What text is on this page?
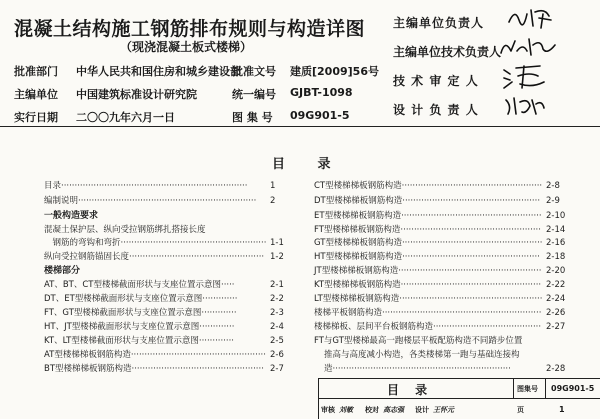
混凝土结构施工钢筋排布规则与构造详图
（现浇混凝土板式楼梯）
批准部门 中华人民共和国住房和城乡建设部
批准文号 建质[2009]56号
主编单位 中国建筑标准设计研究院	统一编号 GJBT-1098
实行日期 二〇〇九年六月一日	图 集 号 09G901-5
主编单位负责人
主编单位技术负责人
技 术 审 定 人
设 计 负 责 人
目 录
目录·····································································	1
编制说明·································································· 2
一般构造要求
混凝土保护层、纵向受拉钢筋绑扎搭接长度
　钢筋的弯钩和弯折······················································ 1-1
纵向受拉钢筋锚固长度·················································· 1-2
楼梯部分
AT、BT、CT型楼梯截面形状与支座位置示意图·····	2-1
DT、ET型楼梯截面形状与支座位置示意图·············	2-2
FT、GT型楼梯截面形状与支座位置示意图·············	2-3
HT、JT型楼梯截面形状与支座位置示意图·············	2-4
KT、LT型楼梯截面形状与支座位置示意图·············	2-5
AT型楼梯梯板钢筋构造·················································· 2-6
BT型楼梯梯板钢筋构造················································· 2-7
CT型楼梯梯板钢筋构造···················································· 2-8
DT型楼梯梯板钢筋构造··················································· 2-9
ET型楼梯梯板钢筋构造···················································· 2-10
FT型楼梯梯板钢筋构造···················································· 2-14
GT型楼梯梯板钢筋构造···················································· 2-16
HT型楼梯梯板钢筋构造··················································· 2-18
JT型楼梯梯板钢筋构造····················································· 2-20
KT型楼梯梯板钢筋构造···················································· 2-22
LT型楼梯梯板钢筋构造····················································· 2-24
楼梯平板钢筋构造··························································· 2-26
楼梯梯板、层间平台板钢筋构造········································ 2-27
FT与GT型楼梯最高一跑楼层平板配筋构造不同踏步位置
推高与高度减小构造，各类楼梯第一跑与基础连接构
造··································································	2-28
目 录	图集号 09G901-5
审核 刘敏 校对 高志强 设计 王怀元	页	1
